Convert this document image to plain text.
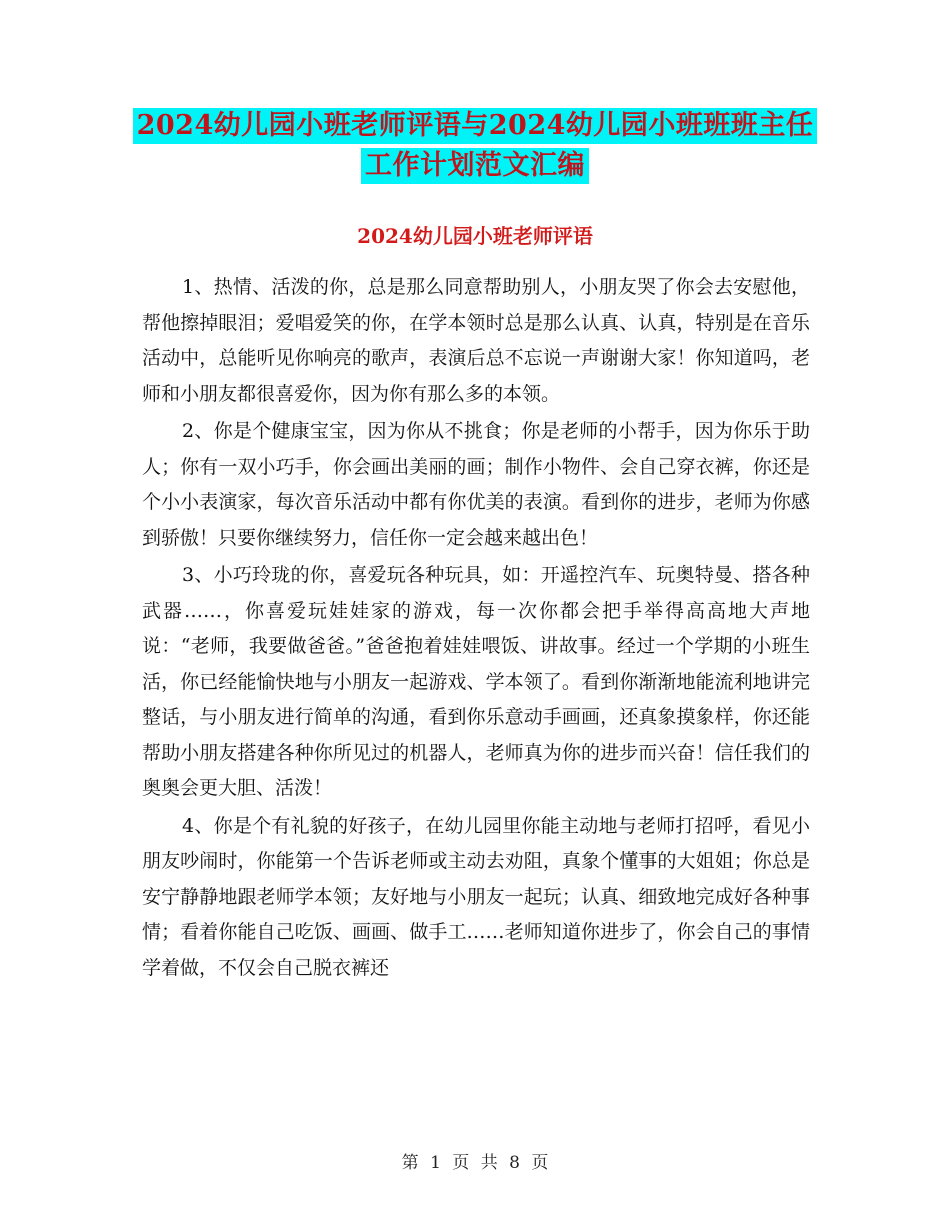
2024幼儿园小班老师评语与2024幼儿园小班班班主任
工作计划范文汇编
2024幼儿园小班老师评语

1、热情、活泼的你，总是那么同意帮助别人，小朋友哭了你会去安慰他，帮他擦掉眼泪；爱唱爱笑的你，在学本领时总是那么认真、认真，特别是在音乐活动中，总能听见你响亮的歌声，表演后总不忘说一声谢谢大家！你知道吗，老师和小朋友都很喜爱你，因为你有那么多的本领。

2、你是个健康宝宝，因为你从不挑食；你是老师的小帮手，因为你乐于助人；你有一双小巧手，你会画出美丽的画；制作小物件、会自己穿衣裤，你还是个小小表演家，每次音乐活动中都有你优美的表演。看到你的进步，老师为你感到骄傲！只要你继续努力，信任你一定会越来越出色！

3、小巧玲珑的你，喜爱玩各种玩具，如：开遥控汽车、玩奥特曼、搭各种武器……，你喜爱玩娃娃家的游戏，每一次你都会把手举得高高地大声地说：“老师，我要做爸爸。”爸爸抱着娃娃喂饭、讲故事。经过一个学期的小班生活，你已经能愉快地与小朋友一起游戏、学本领了。看到你渐渐地能流利地讲完整话，与小朋友进行简单的沟通，看到你乐意动手画画，还真象摸象样，你还能帮助小朋友搭建各种你所见过的机器人，老师真为你的进步而兴奋！信任我们的奥奥会更大胆、活泼！

4、你是个有礼貌的好孩子，在幼儿园里你能主动地与老师打招呼，看见小朋友吵闹时，你能第一个告诉老师或主动去劝阻，真象个懂事的大姐姐；你总是安宁静静地跟老师学本领；友好地与小朋友一起玩；认真、细致地完成好各种事情；看着你能自己吃饭、画画、做手工……老师知道你进步了，你会自己的事情学着做，不仅会自己脱衣裤还

第 1 页 共 8 页
